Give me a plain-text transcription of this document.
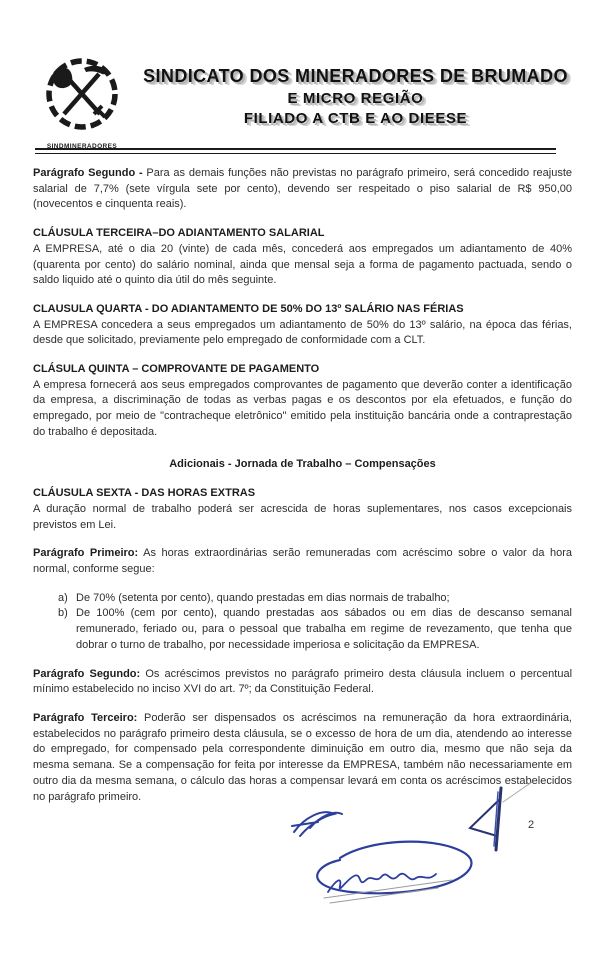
SINDMINERADORES
SINDICATO DOS MINERADORES DE BRUMADO
E MICRO REGIÃO
FILIADO A CTB E AO DIEESE

Parágrafo Segundo - Para as demais funções não previstas no parágrafo primeiro, será concedido reajuste salarial de 7,7% (sete vírgula sete por cento), devendo ser respeitado o piso salarial de R$ 950,00 (novecentos e cinquenta reais).

CLÁUSULA TERCEIRA–DO ADIANTAMENTO SALARIAL
A EMPRESA, até o dia 20 (vinte) de cada mês, concederá aos empregados um adiantamento de 40% (quarenta por cento) do salário nominal, ainda que mensal seja a forma de pagamento pactuada, sendo o saldo liquido até o quinto dia útil do mês seguinte.
CLAUSULA QUARTA - DO ADIANTAMENTO DE 50% DO 13º SALÁRIO NAS FÉRIAS
A EMPRESA concedera a seus empregados um adiantamento de 50% do 13º salário, na época das férias, desde que solicitado, previamente pelo empregado de conformidade com a CLT.
CLÁSULA QUINTA – COMPROVANTE DE PAGAMENTO
A empresa fornecerá aos seus empregados comprovantes de pagamento que deverão conter a identificação da empresa, a discriminação de todas as verbas pagas e os descontos por ela efetuados, e função do empregado, por meio de "contracheque eletrônico" emitido pela instituição bancária onde a contraprestação do trabalho é depositada.
Adicionais - Jornada de Trabalho – Compensações
CLÁUSULA SEXTA - DAS HORAS EXTRAS
A duração normal de trabalho poderá ser acrescida de horas suplementares, nos casos excepcionais previstos em Lei.

Parágrafo Primeiro: As horas extraordinárias serão remuneradas com acréscimo sobre o valor da hora normal, conforme segue:

a) De 70% (setenta por cento), quando prestadas em dias normais de trabalho;
b) De 100% (cem por cento), quando prestadas aos sábados ou em dias de descanso semanal remunerado, feriado ou, para o pessoal que trabalha em regime de revezamento, que tenha que dobrar o turno de trabalho, por necessidade imperiosa e solicitação da EMPRESA.

Parágrafo Segundo: Os acréscimos previstos no parágrafo primeiro desta cláusula incluem o percentual mínimo estabelecido no inciso XVI do art. 7º; da Constituição Federal.

Parágrafo Terceiro: Poderão ser dispensados os acréscimos na remuneração da hora extraordinária, estabelecidos no parágrafo primeiro desta cláusula, se o excesso de hora de um dia, atendendo ao interesse do empregado, for compensado pela correspondente diminuição em outro dia, mesmo que não seja da mesma semana. Se a compensação for feita por interesse da EMPRESA, também não necessariamente em outro dia da mesma semana, o cálculo das horas a compensar levará em conta os acréscimos estabelecidos no parágrafo primeiro.

2
